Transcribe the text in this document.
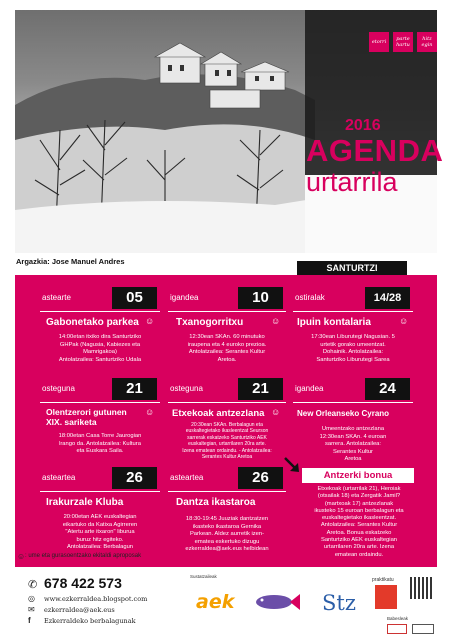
etorri	parte hartu
hitz egin
2016
AGENDA
urtarrila
Argazkia: Jose Manuel Andres
SANTURTZI
astearte	05
Gabonetako parkea ☺
14:00etan itxiko dira Santurtziko
GHPak (Nagusia, Kabiezes eta
Mamrigakoa)
Antolatzailea: Santurtziko Udala
igandea	10
Txanogorritxu	☺
12:30ean SKAn. 60 minutuko
iraupena eta 4 euroko prezioa.
Antolatzailea: Serantes Kultur
Aretoa.
ostiralak	14/28
Ipuin kontalaria	☺
17:30ean Liburutegi Nagusian. 5
urtetik gorako umeentzat.
Dohainik. Antolatzailea:
Santurtziko Liburutegi Sarea
osteguna	21
Olentzerori gutunen XIX. sariketa
☺
18:00etan Casa Torre Jaurogian
lrango da. Antolatzailea: Kultura
eta Euskara Saila.
osteguna	21
Etxekoak antzezlana ☺
20:30ean SKAn. Berbalagun eta
euskaltegietako ikasleentzat Seurson
sarrerak eskatzeko Santurtziko AEK
euskaltegian, urtarrilaren 20ra arte.
Izena ematean ordaindu. - Antolatzailea:
Serantes Kultur Aretoa
igandea	24
New Orleanseko Cyrano
Umeentzako antzezlana
12:30ean SKAn. 4 euroan
sarrera. Antolatzailea:
Serantes Kultur
Aretoa
asteartea	26
Irakurzale Kluba
20:00etan AEK euskaltegian
eikartuko da Katixa Agirreren
"Atertu arte itxaron" liburua
buruz hitz egiteko.
Antolatzailea: Berbalagun
asteartea	26
Dantza ikastaroa
18:30-19:45 Juuziak dantzatzen
ikasteko ikastaroa Gernika
Parkean. Aldez aurretik izen-
ematea eskertuko dizugu
ezkerraldea@aek.eus helbidean
Antzerki bonua
Etxekoak (urtarrilak 21), Heroiak
(otsailak 18) eta Zergatik Jamil?
(martxoak 17) antzezlanak
ikusteko 15 euroan berbalagun eta
euskaltegietako ikasleentzat.
Antolatzailea: Serantes Kultur
Aretoa. Bonua eskatzeko
Santurtziko AEK euskaltegian
urtarrilaren 20ra arte. Izena
ematean ordaindu.
☺ : ume eta gurasoentzako ekitaldi aproposak
✆ 678 422 573
◎ www.ezkerraldea.blogspot.com
✉ ezkerraldea@aek.eus
f Ezkerraldeko berbalagunak
Sustatzaileak
aek	Stz
praktikatu
Babesleak
